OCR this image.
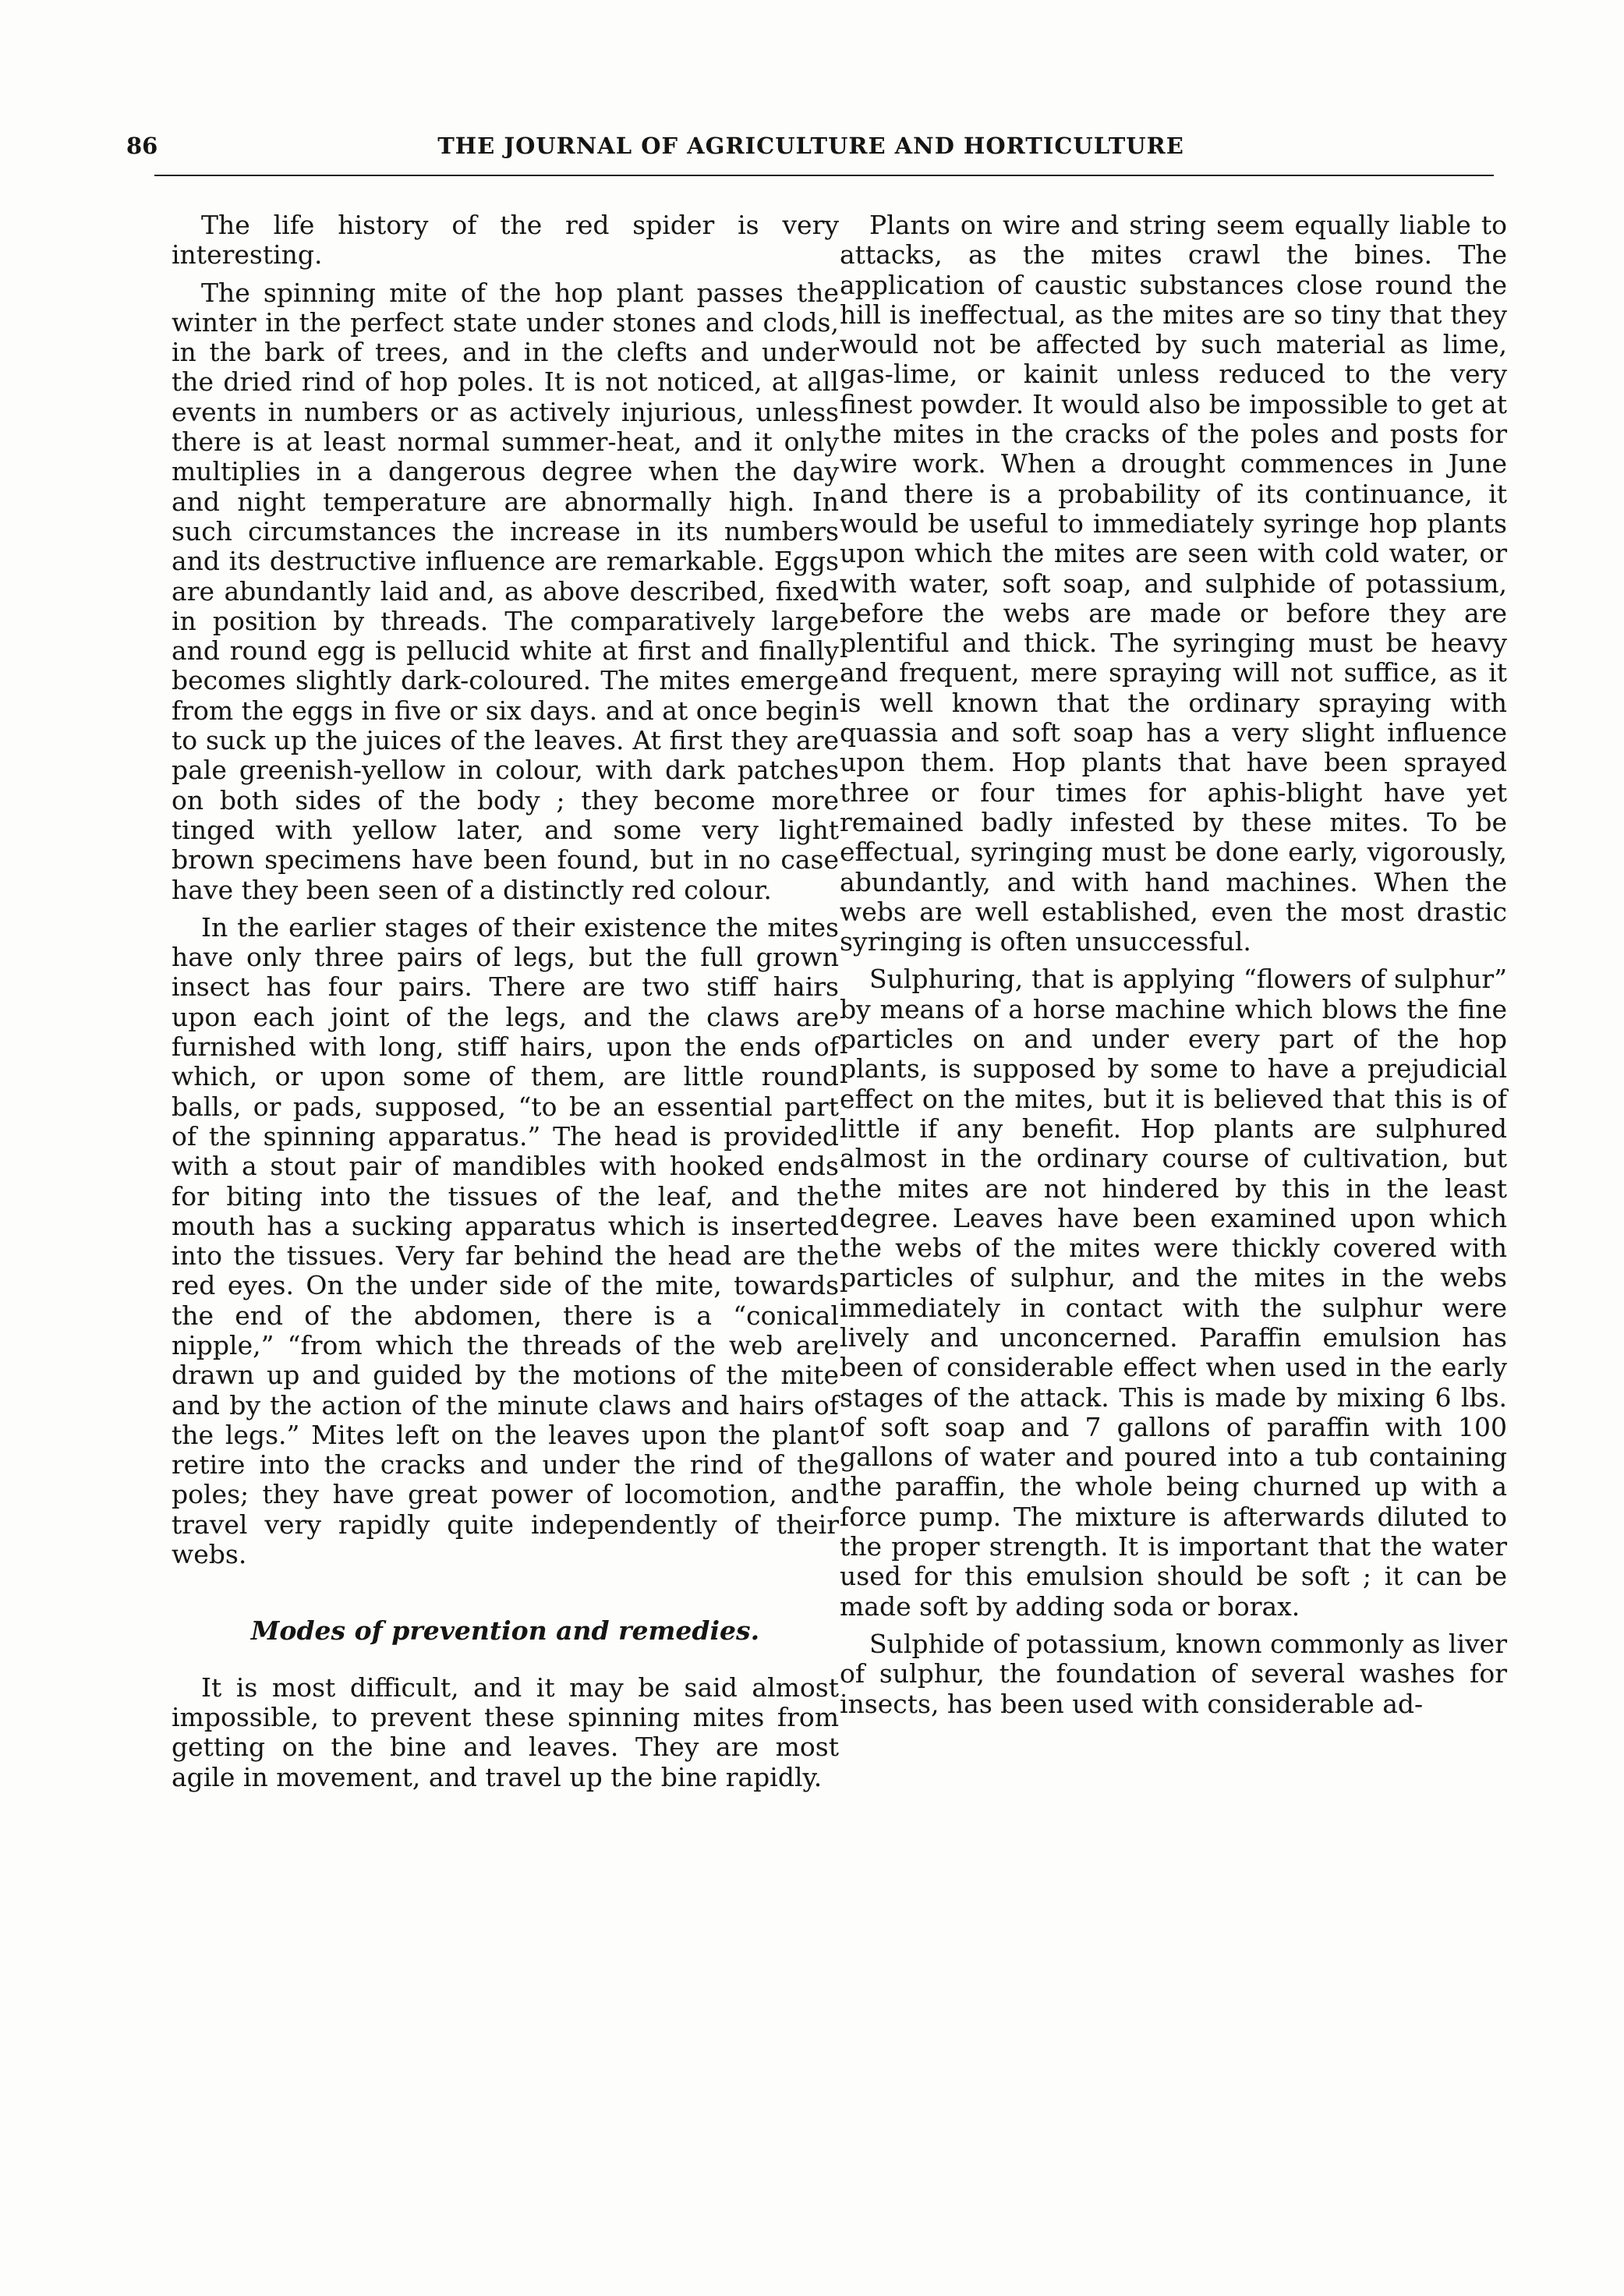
86	THE JOURNAL OF AGRICULTURE AND HORTICULTURE

The life history of the red spider is very interesting.

The spinning mite of the hop plant passes the winter in the perfect state under stones and clods, in the bark of trees, and in the clefts and under the dried rind of hop poles. It is not noticed, at all events in numbers or as actively injurious, unless there is at least normal summer-heat, and it only multiplies in a dangerous degree when the day and night temperature are abnormally high. In such circumstances the increase in its numbers and its destructive influence are remarkable. Eggs are abundantly laid and, as above described, fixed in position by threads. The comparatively large and round egg is pellucid white at first and finally becomes slightly dark-coloured. The mites emerge from the eggs in five or six days. and at once begin to suck up the juices of the leaves. At first they are pale greenish-yellow in colour, with dark patches on both sides of the body ; they become more tinged with yellow later, and some very light brown specimens have been found, but in no case have they been seen of a distinctly red colour.

In the earlier stages of their existence the mites have only three pairs of legs, but the full grown insect has four pairs. There are two stiff hairs upon each joint of the legs, and the claws are furnished with long, stiff hairs, upon the ends of which, or upon some of them, are little round balls, or pads, supposed, “to be an essential part of the spinning apparatus.” The head is provided with a stout pair of mandibles with hooked ends for biting into the tissues of the leaf, and the mouth has a sucking apparatus which is inserted into the tissues. Very far behind the head are the red eyes. On the under side of the mite, towards the end of the abdomen, there is a “conical nipple,” “from which the threads of the web are drawn up and guided by the motions of the mite and by the action of the minute claws and hairs of the legs.” Mites left on the leaves upon the plant retire into the cracks and under the rind of the poles; they have great power of locomotion, and travel very rapidly quite independently of their webs.

Modes of prevention and remedies.

It is most difficult, and it may be said almost impossible, to prevent these spinning mites from getting on the bine and leaves. They are most agile in movement, and travel up the bine rapidly.

Plants on wire and string seem equally liable to attacks, as the mites crawl the bines. The application of caustic substances close round the hill is ineffectual, as the mites are so tiny that they would not be affected by such material as lime, gas-lime, or kainit unless reduced to the very finest powder. It would also be impossible to get at the mites in the cracks of the poles and posts for wire work. When a drought commences in June and there is a probability of its continuance, it would be useful to immediately syringe hop plants upon which the mites are seen with cold water, or with water, soft soap, and sulphide of potassium, before the webs are made or before they are plentiful and thick. The syringing must be heavy and frequent, mere spraying will not suffice, as it is well known that the ordinary spraying with quassia and soft soap has a very slight influence upon them. Hop plants that have been sprayed three or four times for aphis-blight have yet remained badly infested by these mites. To be effectual, syringing must be done early, vigorously, abundantly, and with hand machines. When the webs are well established, even the most drastic syringing is often unsuccessful.

Sulphuring, that is applying “flowers of sulphur” by means of a horse machine which blows the fine particles on and under every part of the hop plants, is supposed by some to have a prejudicial effect on the mites, but it is believed that this is of little if any benefit. Hop plants are sulphured almost in the ordinary course of cultivation, but the mites are not hindered by this in the least degree. Leaves have been examined upon which the webs of the mites were thickly covered with particles of sulphur, and the mites in the webs immediately in contact with the sulphur were lively and unconcerned. Paraffin emulsion has been of considerable effect when used in the early stages of the attack. This is made by mixing 6 lbs. of soft soap and 7 gallons of paraffin with 100 gallons of water and poured into a tub containing the paraffin, the whole being churned up with a force pump. The mixture is afterwards diluted to the proper strength. It is important that the water used for this emulsion should be soft ; it can be made soft by adding soda or borax.

Sulphide of potassium, known commonly as liver of sulphur, the foundation of several washes for insects, has been used with considerable ad-
